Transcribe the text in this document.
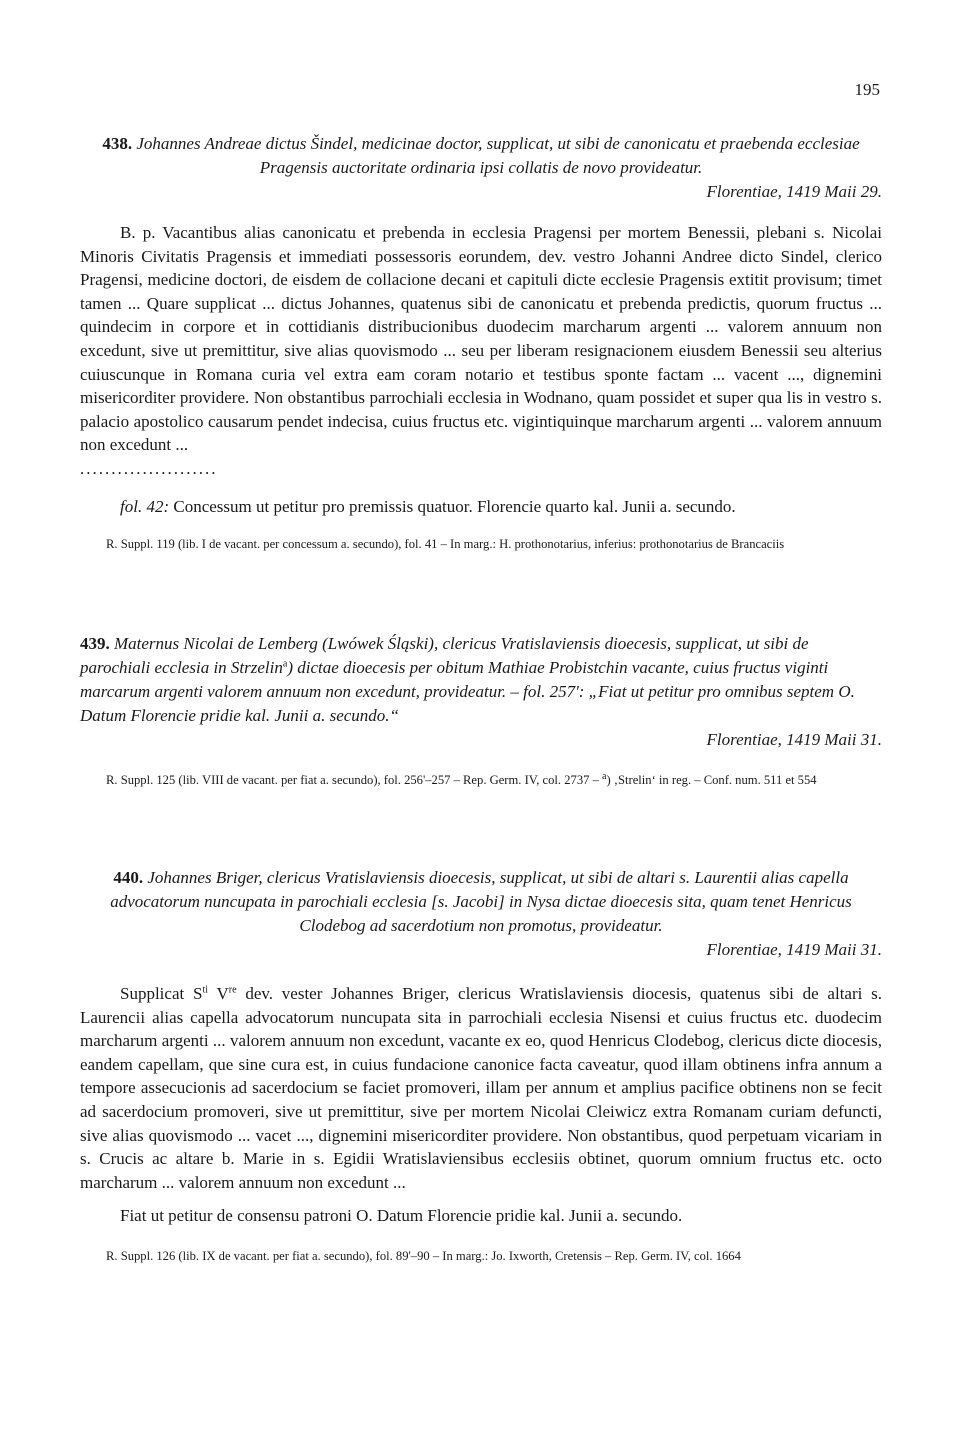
195
438. Johannes Andreae dictus Šindel, medicinae doctor, supplicat, ut sibi de canonicatu et praebenda ecclesiae Pragensis auctoritate ordinaria ipsi collatis de novo provideatur.
Florentiae, 1419 Maii 29.

B. p. Vacantibus alias canonicatu et prebenda in ecclesia Pragensi per mortem Benessii, plebani s. Nicolai Minoris Civitatis Pragensis et immediati possessoris eorundem, dev. vestro Johanni Andree dicto Sindel, clerico Pragensi, medicine doctori, de eisdem de collacione decani et capituli dicte ecclesie Pragensis extitit provisum; timet tamen ... Quare supplicat ... dictus Johannes, quatenus sibi de canonicatu et prebenda predictis, quorum fructus ... quindecim in corpore et in cottidianis distribucionibus duodecim marcharum argenti ... valorem annuum non excedunt, sive ut premittitur, sive alias quovismodo ... seu per liberam resignacionem eiusdem Benessii seu alterius cuiuscunque in Romana curia vel extra eam coram notario et testibus sponte factam ... vacent ..., dignemini misericorditer providere. Non obstantibus parrochiali ecclesia in Wodnano, quam possidet et super qua lis in vestro s. palacio apostolico causarum pendet indecisa, cuius fructus etc. vigintiquinque marcharum argenti ... valorem annuum non excedunt ...

......................
fol. 42: Concessum ut petitur pro premissis quatuor. Florencie quarto kal. Junii a. secundo.

R. Suppl. 119 (lib. I de vacant. per concessum a. secundo), fol. 41 – In marg.: H. prothonotarius, inferius: prothonotarius de Brancaciis

439. Maternus Nicolai de Lemberg (Lwówek Śląski), clericus Vratislaviensis dioecesis, supplicat, ut sibi de parochiali ecclesia in Strzelin$^a$) dictae dioecesis per obitum Mathiae Probistchin vacante, cuius fructus viginti marcarum argenti valorem annuum non excedunt, provideatur. – fol. 257': „Fiat ut petitur pro omnibus septem O. Datum Florencie pridie kal. Junii a. secundo.“
Florentiae, 1419 Maii 31.

R. Suppl. 125 (lib. VIII de vacant. per fiat a. secundo), fol. 256'–257 – Rep. Germ. IV, col. 2737 – $^a$) ‚Strelin‘ in reg. – Conf. num. 511 et 554

440. Johannes Briger, clericus Vratislaviensis dioecesis, supplicat, ut sibi de altari s. Laurentii alias capella advocatorum nuncupata in parochiali ecclesia [s. Jacobi] in Nysa dictae dioecesis sita, quam tenet Henricus Clodebog ad sacerdotium non promotus, provideatur.
Florentiae, 1419 Maii 31.

Supplicat $S^{ti}$ Vre dev. vester Johannes Briger, clericus Wratislaviensis diocesis, quatenus sibi de altari s. Laurencii alias capella advocatorum nuncupata sita in parrochiali ecclesia Nisensi et cuius fructus etc. duodecim marcharum argenti ... valorem annuum non excedunt, vacante ex eo, quod Henricus Clodebog, clericus dicte diocesis, eandem capellam, que sine cura est, in cuius fundacione canonice facta caveatur, quod illam obtinens infra annum a tempore assecucionis ad sacerdocium se faciet promoveri, illam per annum et amplius pacifice obtinens non se fecit ad sacerdocium promoveri, sive ut premittitur, sive per mortem Nicolai Cleiwicz extra Romanam curiam defuncti, sive alias quovismodo ... vacet ..., dignemini misericorditer providere. Non obstantibus, quod perpetuam vicariam in s. Crucis ac altare b. Marie in s. Egidii Wratislaviensibus ecclesiis obtinet, quorum omnium fructus etc. octo marcharum ... valorem annuum non excedunt ...

Fiat ut petitur de consensu patroni O. Datum Florencie pridie kal. Junii a. secundo.

R. Suppl. 126 (lib. IX de vacant. per fiat a. secundo), fol. 89'–90 – In marg.: Jo. Ixworth, Cretensis – Rep. Germ. IV, col. 1664
